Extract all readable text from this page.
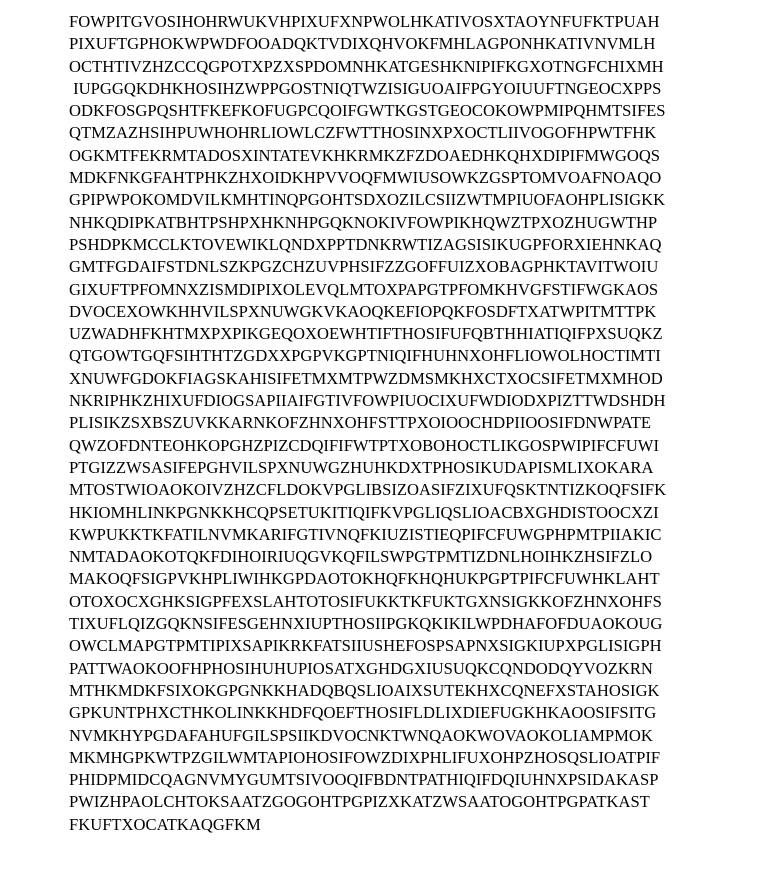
FOWPITGVOSIHOHRWUKVHPIXUFXNPWOLHKATIVOSXTAOYNFUFKTPUAH
PIXUFTGPHOKWPWDFOOADQKTVDIXQHVOKFMHLAGPONHKATIVNVMLH
OCTHTIVZHZCCQGPOTXPZXSPDOMNHKATGESHKNIPIFKGXOTNGFCHIXMH
IUPGGQKDHKHOSIHZWPPGOSTNIQTWZISIGUOAIFPGYOIUUFTNGEOCXPPS
ODKFOSGPQSHTFKEFKOFUGPCQOIFGWTKGSTGEOCOKOWPMIPQHMTSIFES
QTMZAZHSIHPUWHOHRLIOWLCZFWTTHOSINXPXOCTLIIVOGOFHPWTFHK
OGKMTFEKRMTADOSXINTATEVKHKRMKZFZDOAEDHKQHXDIPIFMWGOQS
MDKFNKGFAHTPHKZHXOIDKHPVVOQFMWIUSOWKZGSPTOMVOAFNOAQO
GPIPWPOKOMDVILKMHTINQPGOHTSDXOZILCSIIZWTMPIUOFAOHPLISIGKK
NHKQDIPKATBHTPSHPXHKNHPGQKNOKIVFOWPIKHQWZTPXOZHUGWTHP
PSHDPKMCCLKTOVEWIKLQNDXPPTDNKRWTIZAGSISIKUGPFORXIEHNKAQ
GMTFGDAIFSTDNLSZKPGZCHZUVPHSIFZZGOFFUIZXOBAGPHKTAVITWOIU
GIXUFTPFOMNXZISMDIPIXOLEVQLMTOXPAPGTPFOMKHVGFSTIFWGKAOS
DVOCEXOWKHHVILSPXNUWGKVKAOQKEFIOPQKFOSDFTXATWPITMTTPK
UZWADHFKHTMXPXPIKGEQOXOEWHTIFTHOSIFUFQBTHHIATIQIFPXSUQKZ
QTGOWTGQFSIHTHTZGDXXPGPVKGPTNIQIFHUHNXOHFLIOWOLHOCTIMTI
XNUWFGDOKFIAGSKAHISIFETMXMTPWZDMSMKHXCTXOCSIFETMXMHOD
NKRIPHKZHIXUFDIOGSAPIIAIFGTIVFOWPIUOCIXUFWDIODXPIZTTWDSHDH
PLISIKZSXBSZUVKKARNKOFZHNXOHFSTTPXOIOOCHDPIIOOSIFDNWPATE
QWZOFDNTEOHKOPGHZPIZCDQIFIFWTPTXOBOHOCTLIKGOSPWIPIFCFUWI
PTGIZZWSASIFEPGHVILSPXNUWGZHUHKDXTPHOSIKUDAPISMLIXOKARA
MTOSTWIOAOKOIVZHZCFLDOKVPGLIBSIZOASIFZIXUFQSKTNTIZKOQFSIFK
HKIOMHLINKPGNKKHCQPSETUKITIQIFKVPGLIQSLIOACBXGHDISTOOCXZI
KWPUKKTKFATILNVMKARIFGTIVNQFKIUZISTIEQPIFCFUWGPHPMTPIIAKIC
NMTADAOKOTQKFDIHOIRIUQGVKQFILSWPGTPMTIZDNLHOIHKZHSIFZLO
MAKOQFSIGPVKHPLIWIHKGPDAOTOKHQFKHQHUKPGPTPIFCFUWHKLAHT
OTOXOCXGHKSIGPFEXSLAHTOTOSIFUKKTKFUKTGXNSIGKKOFZHNXOHFS
TIXUFLQIZGQKNSIFESGEHNXIUPTHOSIIPGKQKIKILWPDHAFOFDUAOKOUG
OWCLMAPGTPMTIPIXSAPIKRKFATSIIUSHEFOSPSAPNXSIGKIUPXPGLISIGPH
PATTWAOKOOFHPHOSIHUHUPIOSATXGHDGXIUSUQKCQNDODQYVOZKRN
MTHKMDKFSIXOKGPGNKKHADQBQSLIOAIXSUTEKHXCQNEFXSTAHOSIGK
GPKUNTPHXCTHKOLINKKHDFQOEFTHOSIFLDLIXDIEFUGKHKAOOSIFSITG
NVMKHYPGDAFAHUFGILSPSIIKDVOCNKTWNQAOKWOVAOKOLIAMPMOK
MKMHGPKWTPZGILWMTAPIOHOSIFOWZDIXPHLIFUXOHPZHOSQSLIOATPIF
PHIDPMIDCQAGNVMYGUMTSIVOOQIFBDNTPATHIQIFDQIUHNXPSIDAKASP
PWIZHPAOLCHTOKSAATZGOGOHTPGPIZXKATZWSAATOGOHTPGPATKAST
FKUFTXOCATKAQGFKM
